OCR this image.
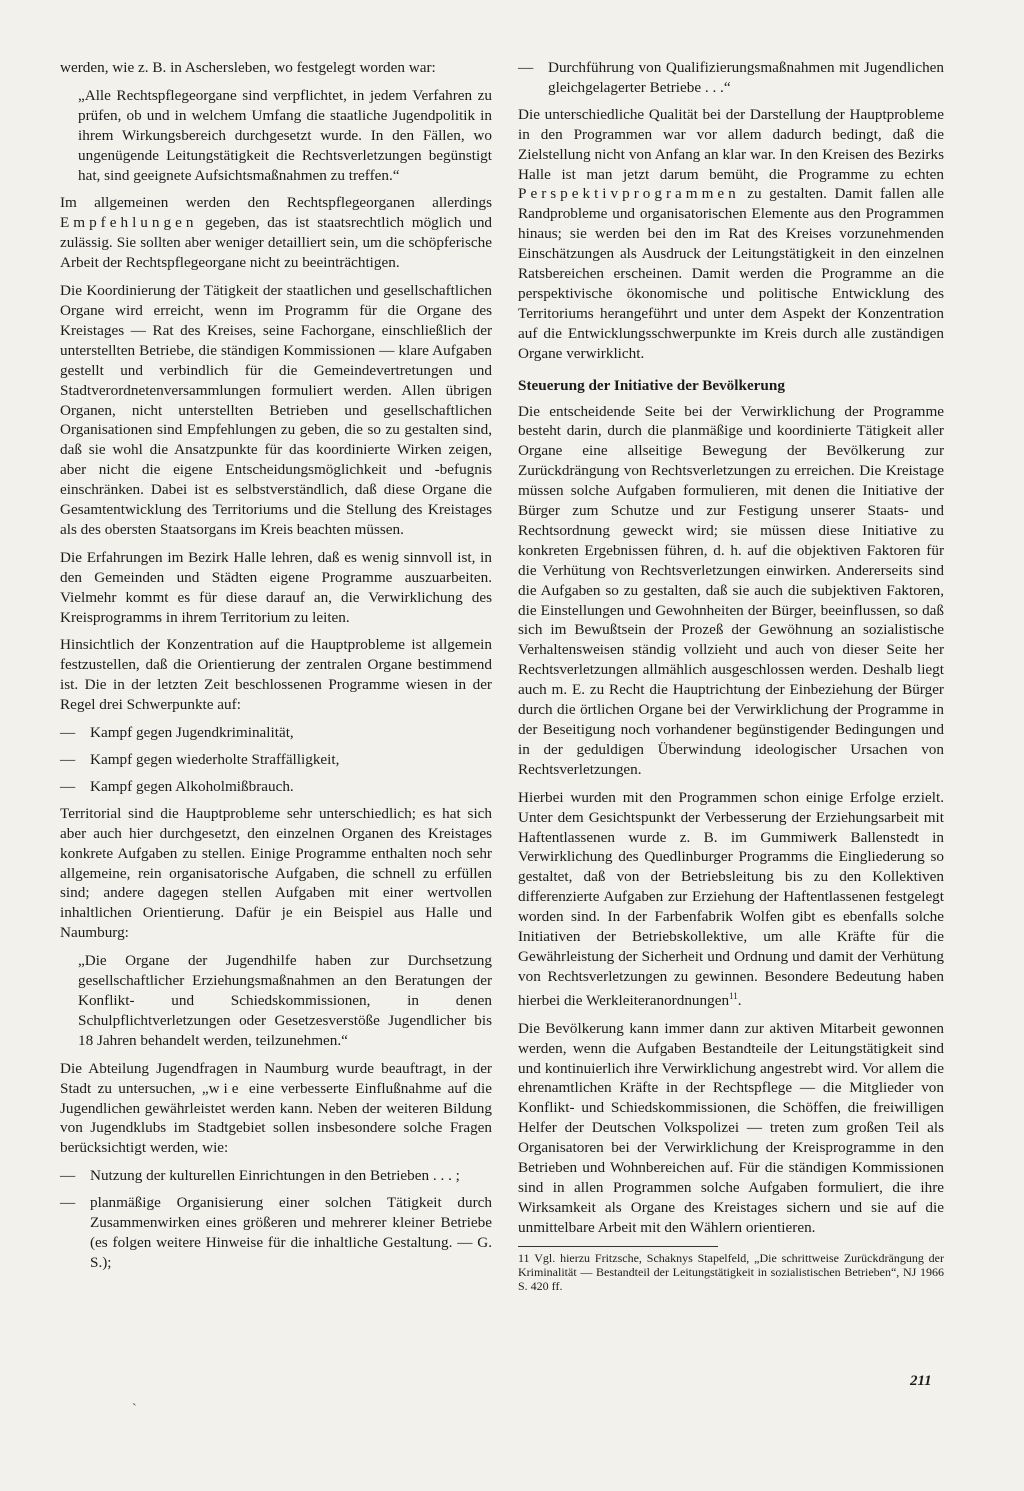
werden, wie z. B. in Aschersleben, wo festgelegt worden war:

„Alle Rechtspflegeorgane sind verpflichtet, in jedem Verfahren zu prüfen, ob und in welchem Umfang die staatliche Jugendpolitik in ihrem Wirkungsbereich durchgesetzt wurde. In den Fällen, wo ungenügende Leitungstätigkeit die Rechtsverletzungen begünstigt hat, sind geeignete Aufsichtsmaßnahmen zu treffen.“

Im allgemeinen werden den Rechtspflegeorganen allerdings Empfehlungen gegeben, das ist staatsrechtlich möglich und zulässig. Sie sollten aber weniger detailliert sein, um die schöpferische Arbeit der Rechtspflegeorgane nicht zu beeinträchtigen.

Die Koordinierung der Tätigkeit der staatlichen und gesellschaftlichen Organe wird erreicht, wenn im Programm für die Organe des Kreistages — Rat des Kreises, seine Fachorgane, einschließlich der unterstellten Betriebe, die ständigen Kommissionen — klare Aufgaben gestellt und verbindlich für die Gemeindevertretungen und Stadtverordnetenversammlungen formuliert werden. Allen übrigen Organen, nicht unterstellten Betrieben und gesellschaftlichen Organisationen sind Empfehlungen zu geben, die so zu gestalten sind, daß sie wohl die Ansatzpunkte für das koordinierte Wirken zeigen, aber nicht die eigene Entscheidungsmöglichkeit und -befugnis einschränken. Dabei ist es selbstverständlich, daß diese Organe die Gesamtentwicklung des Territoriums und die Stellung des Kreistages als des obersten Staatsorgans im Kreis beachten müssen.

Die Erfahrungen im Bezirk Halle lehren, daß es wenig sinnvoll ist, in den Gemeinden und Städten eigene Programme auszuarbeiten. Vielmehr kommt es für diese darauf an, die Verwirklichung des Kreisprogramms in ihrem Territorium zu leiten.

Hinsichtlich der Konzentration auf die Hauptprobleme ist allgemein festzustellen, daß die Orientierung der zentralen Organe bestimmend ist. Die in der letzten Zeit beschlossenen Programme wiesen in der Regel drei Schwerpunkte auf:

— Kampf gegen Jugendkriminalität,
— Kampf gegen wiederholte Straffälligkeit,
— Kampf gegen Alkoholmißbrauch.

Territorial sind die Hauptprobleme sehr unterschiedlich; es hat sich aber auch hier durchgesetzt, den einzelnen Organen des Kreistages konkrete Aufgaben zu stellen. Einige Programme enthalten noch sehr allgemeine, rein organisatorische Aufgaben, die schnell zu erfüllen sind; andere dagegen stellen Aufgaben mit einer wertvollen inhaltlichen Orientierung. Dafür je ein Beispiel aus Halle und Naumburg:

„Die Organe der Jugendhilfe haben zur Durchsetzung gesellschaftlicher Erziehungsmaßnahmen an den Beratungen der Konflikt- und Schiedskommissionen, in denen Schulpflichtverletzungen oder Gesetzesverstöße Jugendlicher bis 18 Jahren behandelt werden, teilzunehmen.“

Die Abteilung Jugendfragen in Naumburg wurde beauftragt, in der Stadt zu untersuchen, „wie eine verbesserte Einflußnahme auf die Jugendlichen gewährleistet werden kann. Neben der weiteren Bildung von Jugendklubs im Stadtgebiet sollen insbesondere solche Fragen berücksichtigt werden, wie:

— Nutzung der kulturellen Einrichtungen in den Betrieben . . . ;
— planmäßige Organisierung einer solchen Tätigkeit durch Zusammenwirken eines größeren und mehrerer kleiner Betriebe (es folgen weitere Hinweise für die inhaltliche Gestaltung. — G. S.);
— Durchführung von Qualifizierungsmaßnahmen mit Jugendlichen gleichgelagerter Betriebe . . .“

Die unterschiedliche Qualität bei der Darstellung der Hauptprobleme in den Programmen war vor allem dadurch bedingt, daß die Zielstellung nicht von Anfang an klar war. In den Kreisen des Bezirks Halle ist man jetzt darum bemüht, die Programme zu echten Perspektivprogrammen zu gestalten. Damit fallen alle Randprobleme und organisatorischen Elemente aus den Programmen hinaus; sie werden bei den im Rat des Kreises vorzunehmenden Einschätzungen als Ausdruck der Leitungstätigkeit in den einzelnen Ratsbereichen erscheinen. Damit werden die Programme an die perspektivische ökonomische und politische Entwicklung des Territoriums herangeführt und unter dem Aspekt der Konzentration auf die Entwicklungsschwerpunkte im Kreis durch alle zuständigen Organe verwirklicht.

Steuerung der Initiative der Bevölkerung

Die entscheidende Seite bei der Verwirklichung der Programme besteht darin, durch die planmäßige und koordinierte Tätigkeit aller Organe eine allseitige Bewegung der Bevölkerung zur Zurückdrängung von Rechtsverletzungen zu erreichen. Die Kreistage müssen solche Aufgaben formulieren, mit denen die Initiative der Bürger zum Schutze und zur Festigung unserer Staats- und Rechtsordnung geweckt wird; sie müssen diese Initiative zu konkreten Ergebnissen führen, d. h. auf die objektiven Faktoren für die Verhütung von Rechtsverletzungen einwirken. Andererseits sind die Aufgaben so zu gestalten, daß sie auch die subjektiven Faktoren, die Einstellungen und Gewohnheiten der Bürger, beeinflussen, so daß sich im Bewußtsein der Prozeß der Gewöhnung an sozialistische Verhaltensweisen ständig vollzieht und auch von dieser Seite her Rechtsverletzungen allmählich ausgeschlossen werden. Deshalb liegt auch m. E. zu Recht die Hauptrichtung der Einbeziehung der Bürger durch die örtlichen Organe bei der Verwirklichung der Programme in der Beseitigung noch vorhandener begünstigender Bedingungen und in der geduldigen Überwindung ideologischer Ursachen von Rechtsverletzungen.

Hierbei wurden mit den Programmen schon einige Erfolge erzielt. Unter dem Gesichtspunkt der Verbesserung der Erziehungsarbeit mit Haftentlassenen wurde z. B. im Gummiwerk Ballenstedt in Verwirklichung des Quedlinburger Programms die Eingliederung so gestaltet, daß von der Betriebsleitung bis zu den Kollektiven differenzierte Aufgaben zur Erziehung der Haftentlassenen festgelegt worden sind. In der Farbenfabrik Wolfen gibt es ebenfalls solche Initiativen der Betriebskollektive, um alle Kräfte für die Gewährleistung der Sicherheit und Ordnung und damit der Verhütung von Rechtsverletzungen zu gewinnen. Besondere Bedeutung haben hierbei die Werkleiteranordnungen$^{11}$.

Die Bevölkerung kann immer dann zur aktiven Mitarbeit gewonnen werden, wenn die Aufgaben Bestandteile der Leitungstätigkeit sind und kontinuierlich ihre Verwirklichung angestrebt wird. Vor allem die ehrenamtlichen Kräfte in der Rechtspflege — die Mitglieder von Konflikt- und Schiedskommissionen, die Schöffen, die freiwilligen Helfer der Deutschen Volkspolizei — treten zum großen Teil als Organisatoren bei der Verwirklichung der Kreisprogramme in den Betrieben und Wohnbereichen auf. Für die ständigen Kommissionen sind in allen Programmen solche Aufgaben formuliert, die ihre Wirksamkeit als Organe des Kreistages sichern und sie auf die unmittelbare Arbeit mit den Wählern orientieren.

11 Vgl. hierzu Fritzsche, Schaknys Stapelfeld, „Die schrittweise Zurückdrängung der Kriminalität — Bestandteil der Leitungstätigkeit in sozialistischen Betrieben“, NJ 1966 S. 420 ff.
211
˴
